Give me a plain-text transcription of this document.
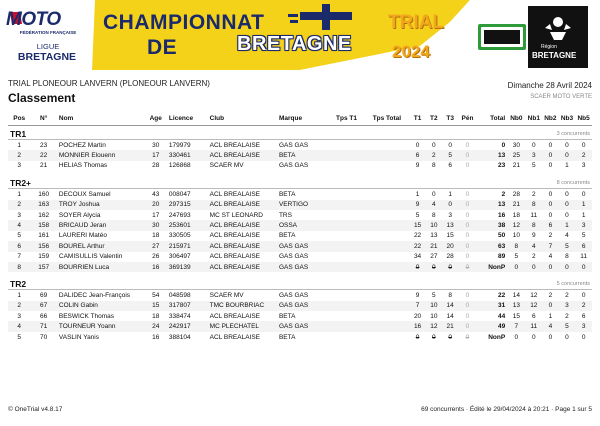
MOTO
FÉDÉRATION FRANÇAISE
LIGUE
BRETAGNE
CHAMPIONNAT
DE	BRETAGNE
TRIAL
2024	Région
BRETAGNE
TRIAL PLONEOUR LANVERN (PLONEOUR LANVERN)
Classement
Dimanche 28 Avril 2024
SCAER MOTO VERTE
Pos	N°	Nom	Age	Licence	Club	Marque	Tps T1	Tps Total	T1	T2	T3	Pén	Total	Nb0	Nb1	Nb2	Nb3	Nb5
TR1							3 concurrents											

1	23	POCHEZ Martin	30	179979	ACL BREALAISE	GAS GAS			0	0	0	0	0	30	0	0	0	0
2	22	MONNIER Elouenn	17	330461	ACL BREALAISE	BETA			6	2	5	0	13	25	3	0	0	2
3	21	HELIAS Thomas	28	126868	SCAER MV	GAS GAS			9	8	6	0	23	21	5	0	1	3

TR2+							8 concurrents											

1	160	DECOUX Samuel	43	008047	ACL BREALAISE	BETA			1	0	1	0	2	28	2	0	0	0
2	163	TROY Joshua	20	297315	ACL BREALAISE	VERTIGO			9	4	0	0	13	21	8	0	0	1
3	162	SOYER Alycia	17	247693	MC ST LEONARD	TRS			5	8	3	0	16	18	11	0	0	1
4	158	BRICAUD Jeran	30	253601	ACL BREALAISE	OSSA			15	10	13	0	38	12	8	6	1	3
5	161	LAURERI Matéo	18	330505	ACL BREALAISE	BETA			22	13	15	0	50	10	9	2	4	5
6	156	BOUREL Arthur	27	215971	ACL BREALAISE	GAS GAS			22	21	20	0	63	8	4	7	5	6
7	159	CAMISULLIS Valentin	26	306497	ACL BREALAISE	GAS GAS			34	27	28	0	89	5	2	4	8	11
8	157	BOURRIEN Luca	16	369139	ACL BREALAISE	GAS GAS			0	0	0	0	NonP	0	0	0	0	0

TR2							5 concurrents											

1	69	DALIDEC Jean-François	54	048598	SCAER MV	GAS GAS			9	5	8	0	22	14	12	2	2	0
2	67	COLIN Gabin	15	317807	TMC BOURBRIAC	GAS GAS			7	10	14	0	31	13	12	0	3	2
3	66	BESWICK Thomas	18	338474	ACL BREALAISE	BETA			20	10	14	0	44	15	6	1	2	6
4	71	TOURNEUR Yoann	24	242917	MC PLECHATEL	GAS GAS			16	12	21	0	49	7	11	4	5	3
5	70	VASLIN Yanis	16	388104	ACL BREALAISE	BETA			0	0	0	0	NonP	0	0	0	0	0
© OneTrial v4.8.17	69 concurrents · Édité le 29/04/2024 à 20:21 · Page 1 sur 5
